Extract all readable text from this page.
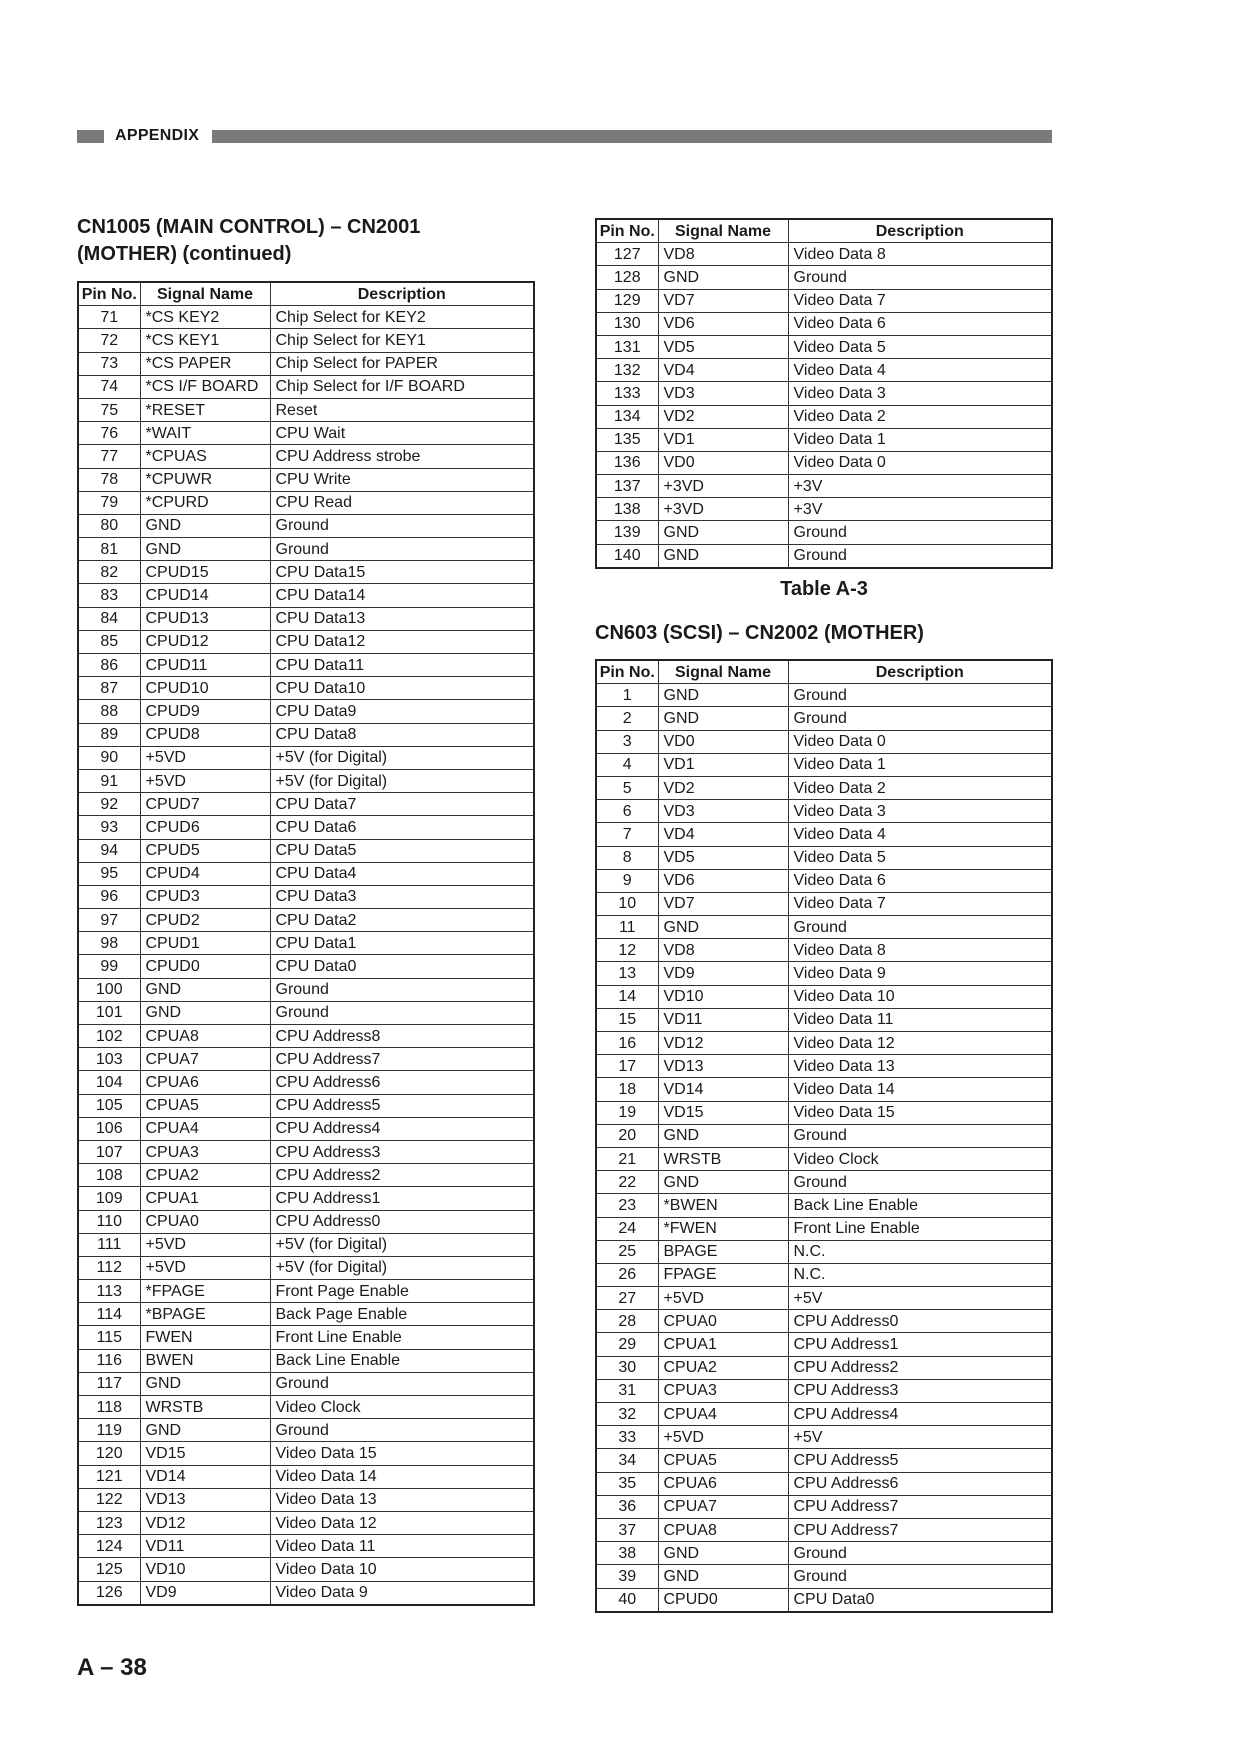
APPENDIX
CN1005 (MAIN CONTROL) – CN2001
(MOTHER) (continued)
Pin No.	Signal Name	Description
71	*CS KEY2	Chip Select for KEY2
72	*CS KEY1	Chip Select for KEY1
73	*CS PAPER	Chip Select for PAPER
74	*CS I/F BOARD	Chip Select for I/F BOARD
75	*RESET	Reset
76	*WAIT	CPU Wait
77	*CPUAS	CPU Address strobe
78	*CPUWR	CPU Write
79	*CPURD	CPU Read
80	GND	Ground
81	GND	Ground
82	CPUD15	CPU Data15
83	CPUD14	CPU Data14
84	CPUD13	CPU Data13
85	CPUD12	CPU Data12
86	CPUD11	CPU Data11
87	CPUD10	CPU Data10
88	CPUD9	CPU Data9
89	CPUD8	CPU Data8
90	+5VD	+5V (for Digital)
91	+5VD	+5V (for Digital)
92	CPUD7	CPU Data7
93	CPUD6	CPU Data6
94	CPUD5	CPU Data5
95	CPUD4	CPU Data4
96	CPUD3	CPU Data3
97	CPUD2	CPU Data2
98	CPUD1	CPU Data1
99	CPUD0	CPU Data0
100	GND	Ground
101	GND	Ground
102	CPUA8	CPU Address8
103	CPUA7	CPU Address7
104	CPUA6	CPU Address6
105	CPUA5	CPU Address5
106	CPUA4	CPU Address4
107	CPUA3	CPU Address3
108	CPUA2	CPU Address2
109	CPUA1	CPU Address1
110	CPUA0	CPU Address0
111	+5VD	+5V (for Digital)
112	+5VD	+5V (for Digital)
113	*FPAGE	Front Page Enable
114	*BPAGE	Back Page Enable
115	FWEN	Front Line Enable
116	BWEN	Back Line Enable
117	GND	Ground
118	WRSTB	Video Clock
119	GND	Ground
120	VD15	Video Data 15
121	VD14	Video Data 14
122	VD13	Video Data 13
123	VD12	Video Data 12
124	VD11	Video Data 11
125	VD10	Video Data 10
126	VD9	Video Data 9
Pin No.	Signal Name	Description
127	VD8	Video Data 8
128	GND	Ground
129	VD7	Video Data 7
130	VD6	Video Data 6
131	VD5	Video Data 5
132	VD4	Video Data 4
133	VD3	Video Data 3
134	VD2	Video Data 2
135	VD1	Video Data 1
136	VD0	Video Data 0
137	+3VD	+3V
138	+3VD	+3V
139	GND	Ground
140	GND	Ground
Table A-3
CN603 (SCSI) – CN2002 (MOTHER)
Pin No.	Signal Name	Description
1	GND	Ground
2	GND	Ground
3	VD0	Video Data 0
4	VD1	Video Data 1
5	VD2	Video Data 2
6	VD3	Video Data 3
7	VD4	Video Data 4
8	VD5	Video Data 5
9	VD6	Video Data 6
10	VD7	Video Data 7
11	GND	Ground
12	VD8	Video Data 8
13	VD9	Video Data 9
14	VD10	Video Data 10
15	VD11	Video Data 11
16	VD12	Video Data 12
17	VD13	Video Data 13
18	VD14	Video Data 14
19	VD15	Video Data 15
20	GND	Ground
21	WRSTB	Video Clock
22	GND	Ground
23	*BWEN	Back Line Enable
24	*FWEN	Front Line Enable
25	BPAGE	N.C.
26	FPAGE	N.C.
27	+5VD	+5V
28	CPUA0	CPU Address0
29	CPUA1	CPU Address1
30	CPUA2	CPU Address2
31	CPUA3	CPU Address3
32	CPUA4	CPU Address4
33	+5VD	+5V
34	CPUA5	CPU Address5
35	CPUA6	CPU Address6
36	CPUA7	CPU Address7
37	CPUA8	CPU Address7
38	GND	Ground
39	GND	Ground
40	CPUD0	CPU Data0
A – 38
